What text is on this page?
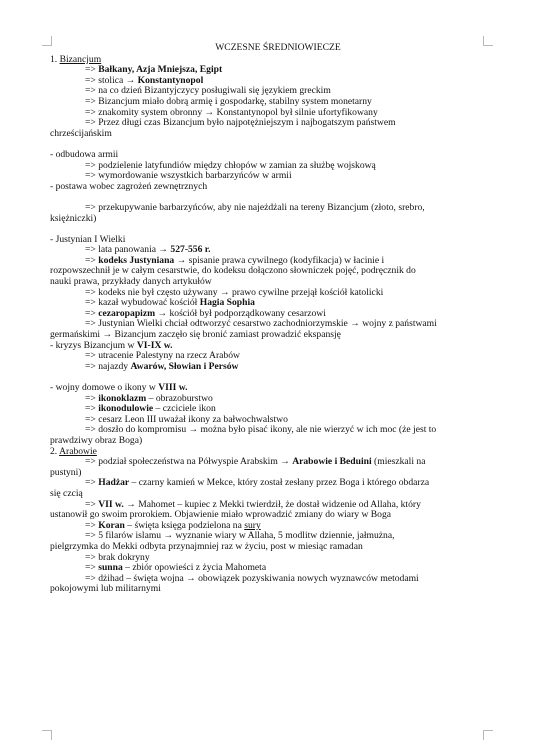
WCZESNE ŚREDNIOWIECZE
1. Bizancjum
=> Bałkany, Azja Mniejsza, Egipt
=> stolica → Konstantynopol
=> na co dzień Bizantyjczycy posługiwali się językiem greckim
=> Bizancjum miało dobrą armię i gospodarkę, stabilny system monetarny
=> znakomity system obronny → Konstantynopol był silnie ufortyfikowany
=> Przez długi czas Bizancjum było najpotężniejszym i najbogatszym państwem
chrześcijańskim
- odbudowa armii
=> podzielenie latyfundiów między chłopów w zamian za służbę wojskową
=> wymordowanie wszystkich barbarzyńców w armii
- postawa wobec zagrożeń zewnętrznych
=> przekupywanie barbarzyńców, aby nie najeżdżali na tereny Bizancjum (złoto, srebro,
księżniczki)
- Justynian I Wielki
=> lata panowania → 527-556 r.
=> kodeks Justyniana → spisanie prawa cywilnego (kodyfikacja) w łacinie i
rozpowszechnił je w całym cesarstwie, do kodeksu dołączono słowniczek pojęć, podręcznik do
nauki prawa, przykłady danych artykułów
=> kodeks nie był często używany → prawo cywilne przejął kościół katolicki
=> kazał wybudować kościół Hagia Sophia
=> cezaropapizm → kościół był podporządkowany cesarzowi
=> Justynian Wielki chciał odtworzyć cesarstwo zachodniorzymskie → wojny z państwami
germańskimi → Bizancjum zaczęło się bronić zamiast prowadzić ekspansję
- kryzys Bizancjum w VI-IX w.
=> utracenie Palestyny na rzecz Arabów
=> najazdy Awarów, Słowian i Persów
- wojny domowe o ikony w VIII w.
=> ikonoklazm – obrazoburstwo
=> ikonodulowie – czciciele ikon
=> cesarz Leon III uważał ikony za bałwochwalstwo
=> doszło do kompromisu → można było pisać ikony, ale nie wierzyć w ich moc (że jest to
prawdziwy obraz Boga)
2. Arabowie
=> podział społeczeństwa na Półwyspie Arabskim → Arabowie i Beduini (mieszkali na
pustyni)
=> Hadżar – czarny kamień w Mekce, który został zesłany przez Boga i którego obdarza
się czcią
=> VII w. → Mahomet – kupiec z Mekki twierdził, że dostał widzenie od Allaha, który
ustanowił go swoim prorokiem. Objawienie miało wprowadzić zmiany do wiary w Boga
=> Koran – święta księga podzielona na sury
=> 5 filarów islamu → wyznanie wiary w Allaha, 5 modlitw dziennie, jałmużna,
pielgrzymka do Mekki odbyta przynajmniej raz w życiu, post w miesiąc ramadan
=> brak dokryny
=> sunna – zbiór opowieści z życia Mahometa
=> dżihad – święta wojna → obowiązek pozyskiwania nowych wyznawców metodami
pokojowymi lub militarnymi
